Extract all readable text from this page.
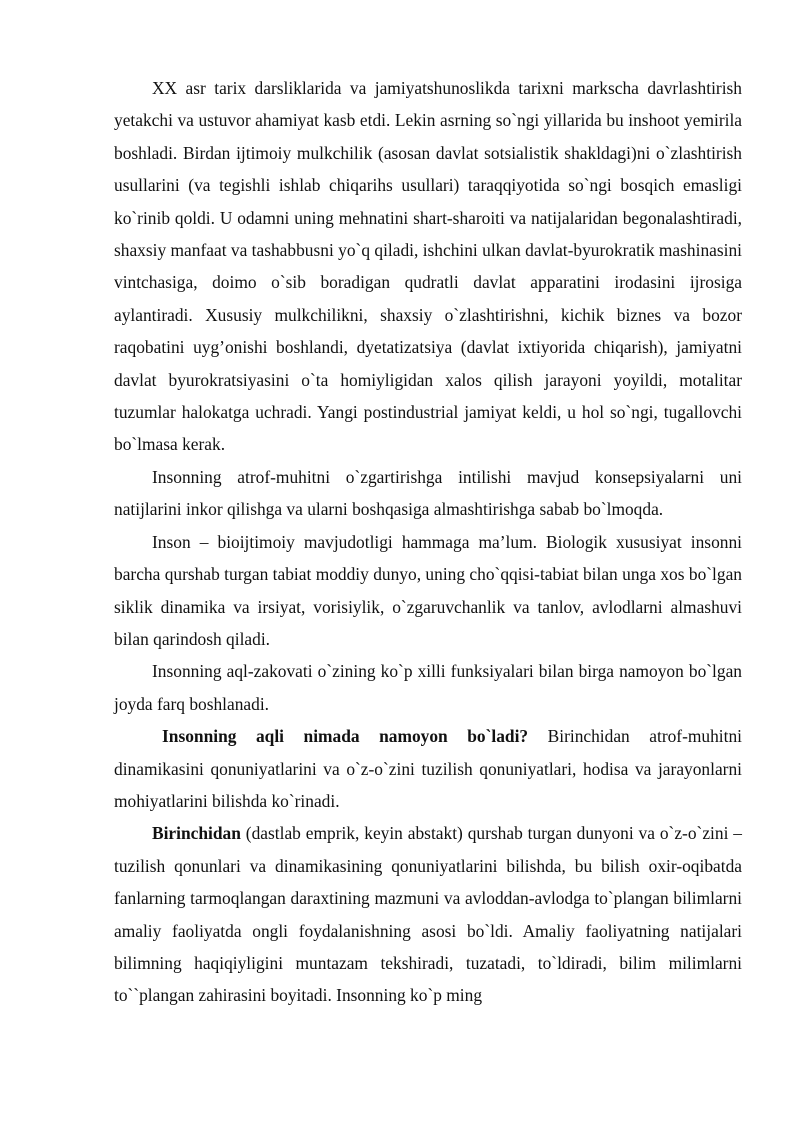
XX asr tarix darsliklarida va jamiyatshunoslikda tarixni markscha davrlashtirish yetakchi va ustuvor ahamiyat kasb etdi. Lekin asrning so`ngi yillarida bu inshoot yemirila boshladi. Birdan ijtimoiy mulkchilik (asosan davlat sotsialistik shakldagi)ni o`zlashtirish usullarini (va tegishli ishlab chiqarihs usullari) taraqqiyotida so`ngi bosqich emasligi ko`rinib qoldi. U odamni uning mehnatini shart-sharoiti va natijalaridan begonalashtiradi, shaxsiy manfaat va tashabbusni yo`q qiladi, ishchini ulkan davlat-byurokratik mashinasini vintchasiga, doimo o`sib boradigan qudratli davlat apparatini irodasini ijrosiga aylantiradi. Xususiy mulkchilikni, shaxsiy o`zlashtirishni, kichik biznes va bozor raqobatini uyg’onishi boshlandi, dyetatizatsiya (davlat ixtiyorida chiqarish), jamiyatni davlat byurokratsiyasini o`ta homiyligidan xalos qilish jarayoni yoyildi, motalitar tuzumlar halokatga uchradi. Yangi postindustrial jamiyat keldi, u hol so`ngi, tugallovchi bo`lmasa kerak.

Insonning atrof-muhitni o`zgartirishga intilishi mavjud konsepsiyalarni uni natijlarini inkor qilishga va ularni boshqasiga almashtirishga sabab bo`lmoqda.

Inson – bioijtimoiy mavjudotligi hammaga ma’lum. Biologik xususiyat insonni barcha qurshab turgan tabiat moddiy dunyo, uning cho`qqisi-tabiat bilan unga xos bo`lgan siklik dinamika va irsiyat, vorisiylik, o`zgaruvchanlik va tanlov, avlodlarni almashuvi bilan qarindosh qiladi.

Insonning aql-zakovati o`zining ko`p xilli funksiyalari bilan birga namoyon bo`lgan joyda farq boshlanadi.

Insonning aqli nimada namoyon bo`ladi? Birinchidan atrof-muhitni dinamikasini qonuniyatlarini va o`z-o`zini tuzilish qonuniyatlari, hodisa va jarayonlarni mohiyatlarini bilishda ko`rinadi.

Birinchidan (dastlab emprik, keyin abstakt) qurshab turgan dunyoni va o`z-o`zini – tuzilish qonunlari va dinamikasining qonuniyatlarini bilishda, bu bilish oxir-oqibatda fanlarning tarmoqlangan daraxtining mazmuni va avloddan-avlodga to`plangan bilimlarni amaliy faoliyatda ongli foydalanishning asosi bo`ldi. Amaliy faoliyatning natijalari bilimning haqiqiyligini muntazam tekshiradi, tuzatadi, to`ldiradi, bilim milimlarni to``plangan zahirasini boyitadi. Insonning ko`p ming
